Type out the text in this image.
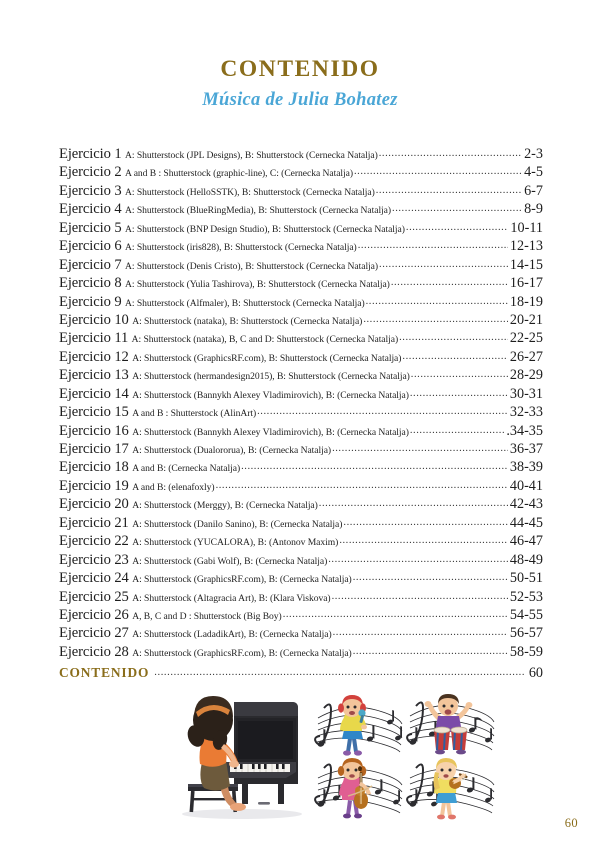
CONTENIDO
Música de Julia Bohatez
Ejercicio 1 A: Shutterstock (JPL Designs), B: Shutterstock (Cernecka Natalja) .....	2-3
Ejercicio 2 A and B : Shutterstock (graphic-line), C: (Cernecka Natalja) .....	4-5
Ejercicio 3 A: Shutterstock (HelloSSTK), B: Shutterstock (Cernecka Natalja) .....	6-7
Ejercicio 4 A: Shutterstock (BlueRingMedia), B: Shutterstock (Cernecka Natalja) .....	8-9
Ejercicio 5 A: Shutterstock (BNP Design Studio), B: Shutterstock (Cernecka Natalja) .....	10-11
Ejercicio 6 A: Shutterstock (iris828), B: Shutterstock (Cernecka Natalja) .....	12-13
Ejercicio 7 A: Shutterstock (Denis Cristo), B: Shutterstock (Cernecka Natalja) .....	14-15
Ejercicio 8 A: Shutterstock (Yulia Tashirova), B: Shutterstock (Cernecka Natalja) .....	16-17
Ejercicio 9 A: Shutterstock (Alfmaler), B: Shutterstock (Cernecka Natalja) .....	18-19
Ejercicio 10 A: Shutterstock (nataka), B: Shutterstock (Cernecka Natalja) .....	20-21
Ejercicio 11 A: Shutterstock (nataka), B, C and D: Shutterstock (Cernecka Natalja) .....	22-25
Ejercicio 12 A: Shutterstock (GraphicsRF.com), B: Shutterstock (Cernecka Natalja) .....	26-27
Ejercicio 13 A: Shutterstock (hermandesign2015), B: Shutterstock (Cernecka Natalja) .....	28-29
Ejercicio 14 A: Shutterstock (Bannykh Alexey Vladimirovich), B: (Cernecka Natalja) .....	30-31
Ejercicio 15 A and B : Shutterstock (AlinArt) .....	32-33
Ejercicio 16 A: Shutterstock (Bannykh Alexey Vladimirovich), B: (Cernecka Natalja) .....	.34-35
Ejercicio 17 A: Shutterstock (Dualororua), B: (Cernecka Natalja) .....	36-37
Ejercicio 18 A and B: (Cernecka Natalja) .....	38-39
Ejercicio 19 A and B: (elenafoxly) .....	40-41
Ejercicio 20 A: Shutterstock (Merggy), B: (Cernecka Natalja) .....	42-43
Ejercicio 21 A: Shutterstock (Danilo Sanino), B: (Cernecka Natalja) .....	44-45
Ejercicio 22 A: Shutterstock (YUCALORA), B: (Antonov Maxim) .....	46-47
Ejercicio 23 A: Shutterstock (Gabi Wolf), B: (Cernecka Natalja) .....	48-49
Ejercicio 24 A: Shutterstock (GraphicsRF.com), B: (Cernecka Natalja) .....	50-51
Ejercicio 25 A: Shutterstock (Altagracia Art), B: (Klara Viskova) .....	52-53
Ejercicio 26 A, B, C and D : Shutterstock (Big Boy) .....	54-55
Ejercicio 27 A: Shutterstock (LadadikArt), B: (Cernecka Natalja) .....	56-57
Ejercicio 28 A: Shutterstock (GraphicsRF.com), B: (Cernecka Natalja) .....	58-59
CONTENIDO .....	60
60
